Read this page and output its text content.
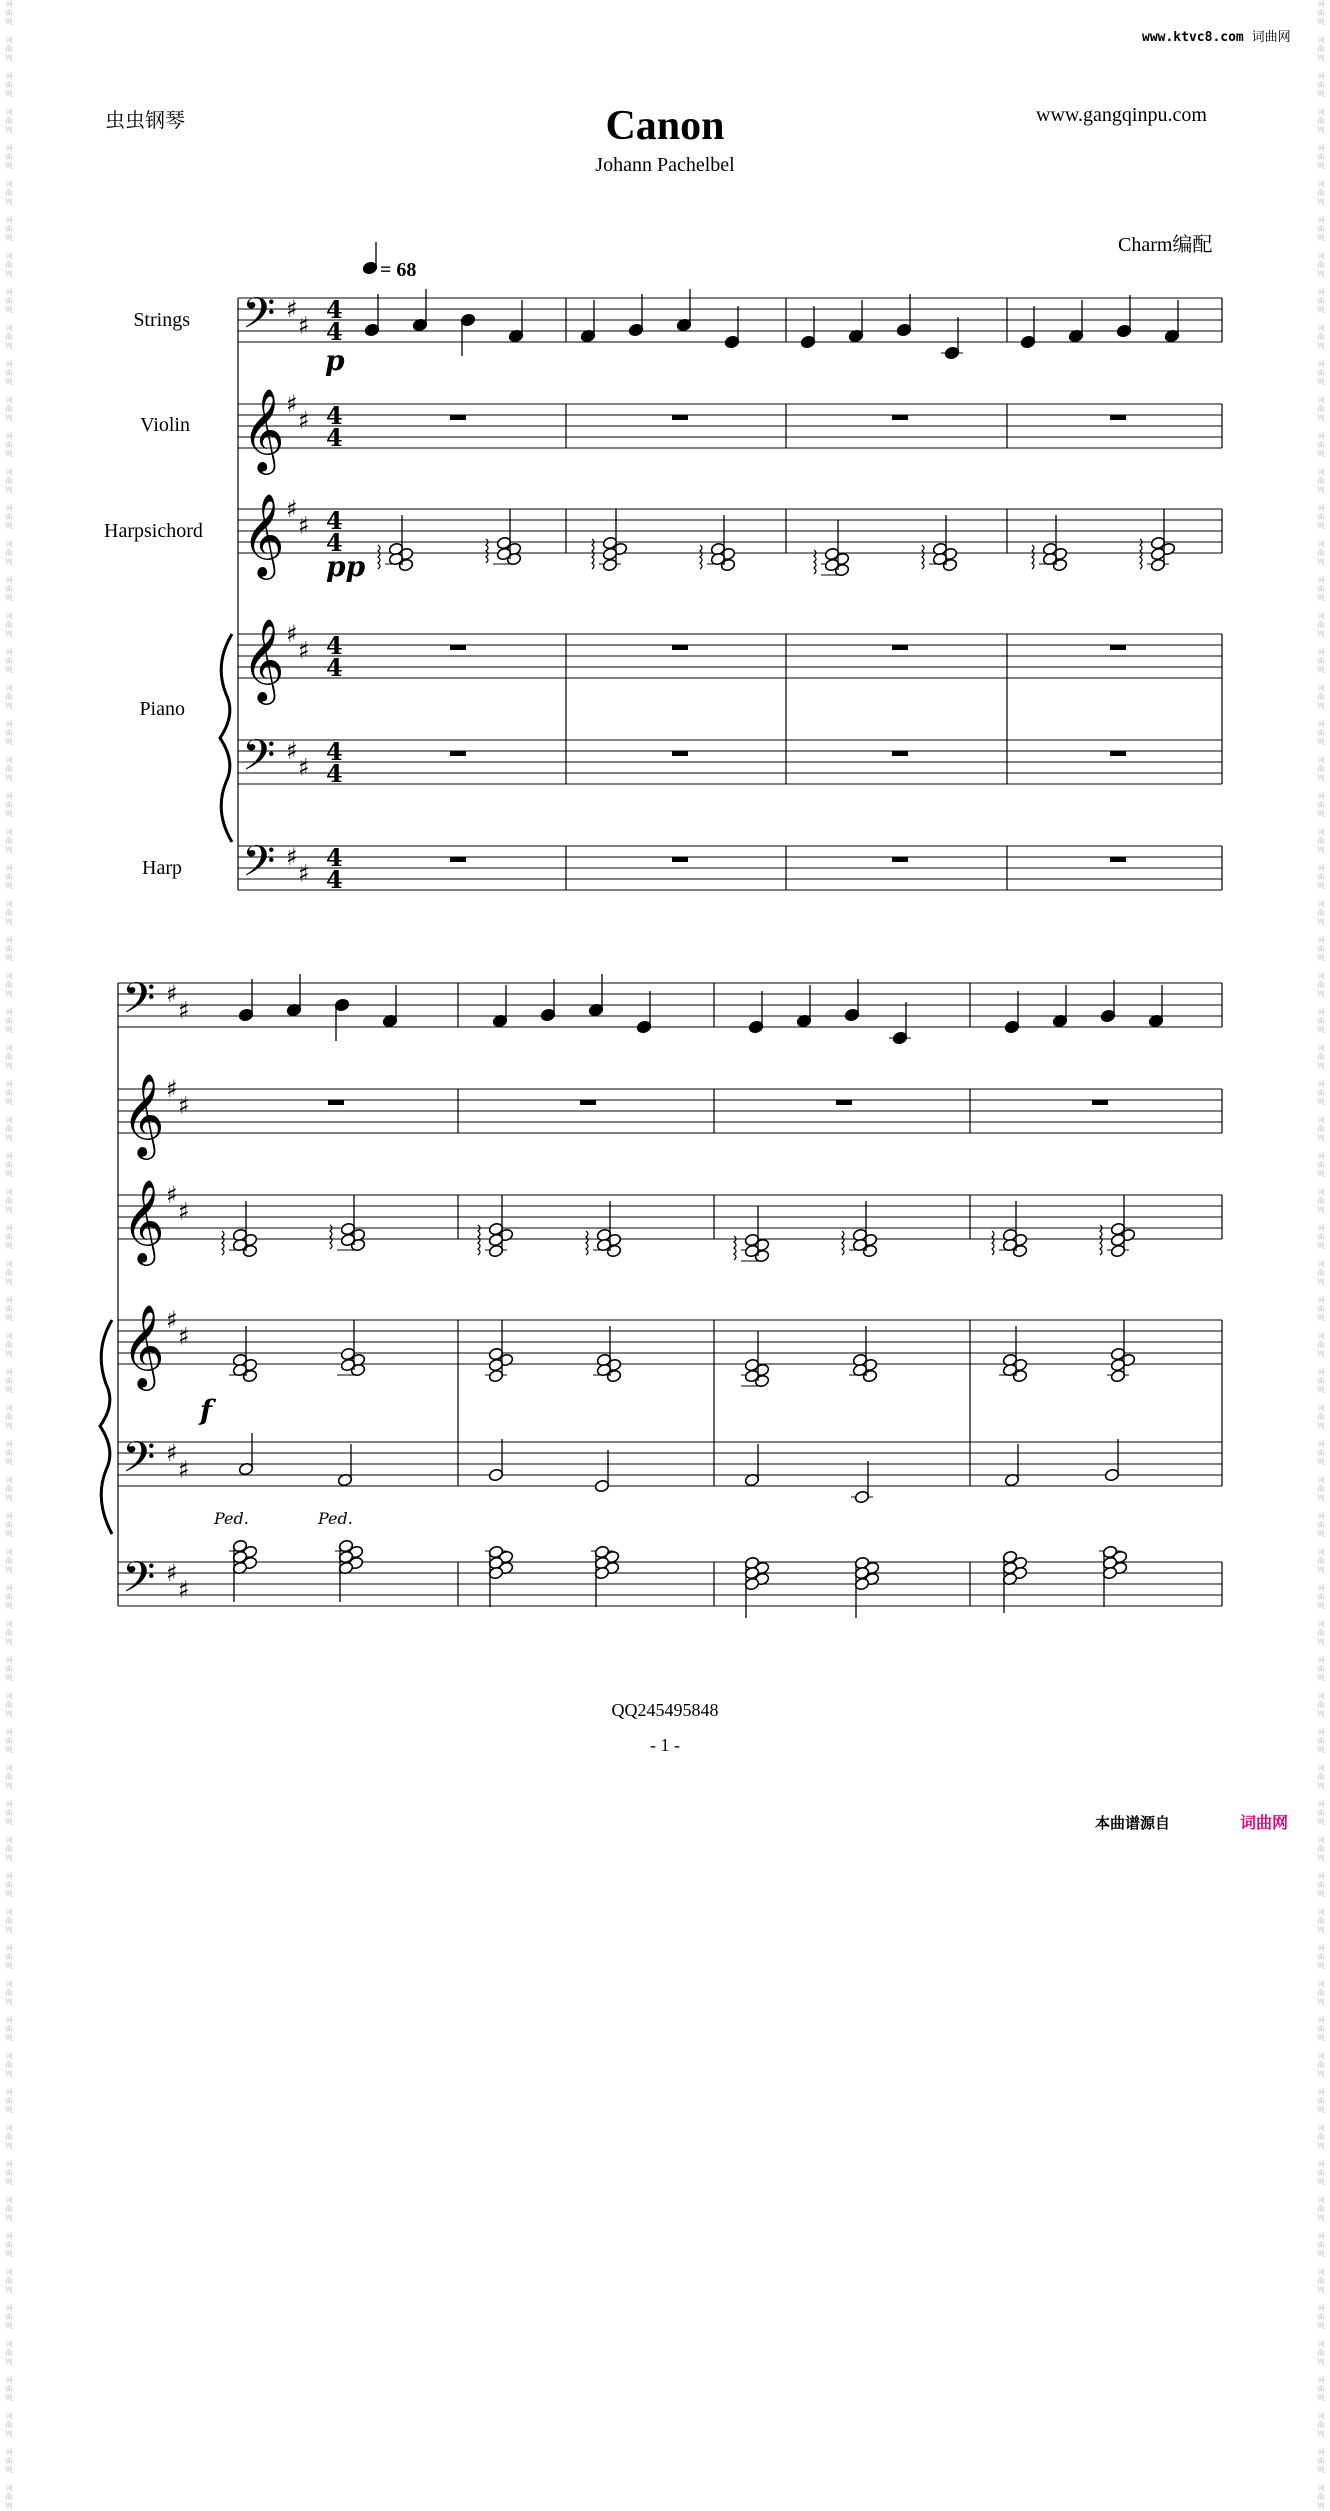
词
曲
网

词
曲
网

词
曲
网

词
曲
网

词
曲
网

词
曲
网

词
曲
网

词
曲
网

词
曲
网

词
曲
网

词
曲
网

词
曲
网

词
曲
网

词
曲
网

词
曲
网

词
曲
网

词
曲
网

词
曲
网

词
曲
网

词
曲
网

词
曲
网

词
曲
网

词
曲
网

词
曲
网

词
曲
网

词
曲
网

词
曲
网

词
曲
网

词
曲
网

词
曲
网

词
曲
网

词
曲
网

词
曲
网

词
曲
网

词
曲
网

词
曲
网

词
曲
网

词
曲
网

词
曲
网

词
曲
网

词
曲
网

词
曲
网

词
曲
网

词
曲
网

词
曲
网

词
曲
网

词
曲
网

词
曲
网

词
曲
网

词
曲
网

词
曲
网

词
曲
网

词
曲
网

词
曲
网

词
曲
网

词
曲
网

词
曲
网

词
曲
网

词
曲
网

词
曲
网

词
曲
网

词
曲
网

词
曲
网

词
曲
网

词
曲
网

词
曲
网

词
曲
网

词
曲
网

词
曲
网

词
曲
网

词
曲
网

词
曲
网

词
曲
网

词
曲
网

词
曲
网

词
曲
网

词
曲
网

词
曲
网

词
曲
网

词
曲
网

词
曲
网

词
曲
网

词
曲
网

词
曲
网

词
曲
网

词
曲
网

词
曲
网

词
曲
网

词
曲
网

词
曲
网

词
曲
网

词
曲
网

词
曲
网

词
曲
网

词
曲
网

词
曲
网

词
曲
网

词
曲
网

词
曲
网

词
曲
网

词
曲
网

词
曲
网

词
曲
网

词
曲
网

词
曲
网

词
曲
网

词
曲
网

词
曲
网

词
曲
网

词
曲
网

词
曲
网

词
曲
网

词
曲
网

词
曲
网

词
曲
网

词
曲
网

词
曲
网

词
曲
网

词
曲
网

词
曲
网

词
曲
网

词
曲
网

词
曲
网

词
曲
网

词
曲
网

词
曲
网

词
曲
网

词
曲
网

词
曲
网

词
曲
网

词
曲
网

词
曲
网

词
曲
网

词
曲
网

词
曲
网

词
曲
网

词
曲
网

词
曲
网

词
曲
网

词
曲
网

www.ktvc8.com 词曲网
虫虫钢琴	Canon	www.gangqinpu.com
Johann Pachelbel
Charm编配
Strings
Violin
Harpsichord
Piano
Harp
𝄢 ♯
♯
4
4
𝄞 ♯
♯ 4
4
𝄞 ♯
♯ 4
4
𝄞 ♯
♯ 4
4
𝄢 ♯
♯
4
4
𝄢 ♯
♯
4
4
p
pp
= 68
𝄢 ♯
♯
𝄞 ♯
♯
𝄞 ♯
♯
𝄞 ♯
♯
𝄢 ♯
♯
𝄢 ♯
♯
f
Ped.	Ped.
QQ245495848
- 1 -
本曲谱源自	词曲网
